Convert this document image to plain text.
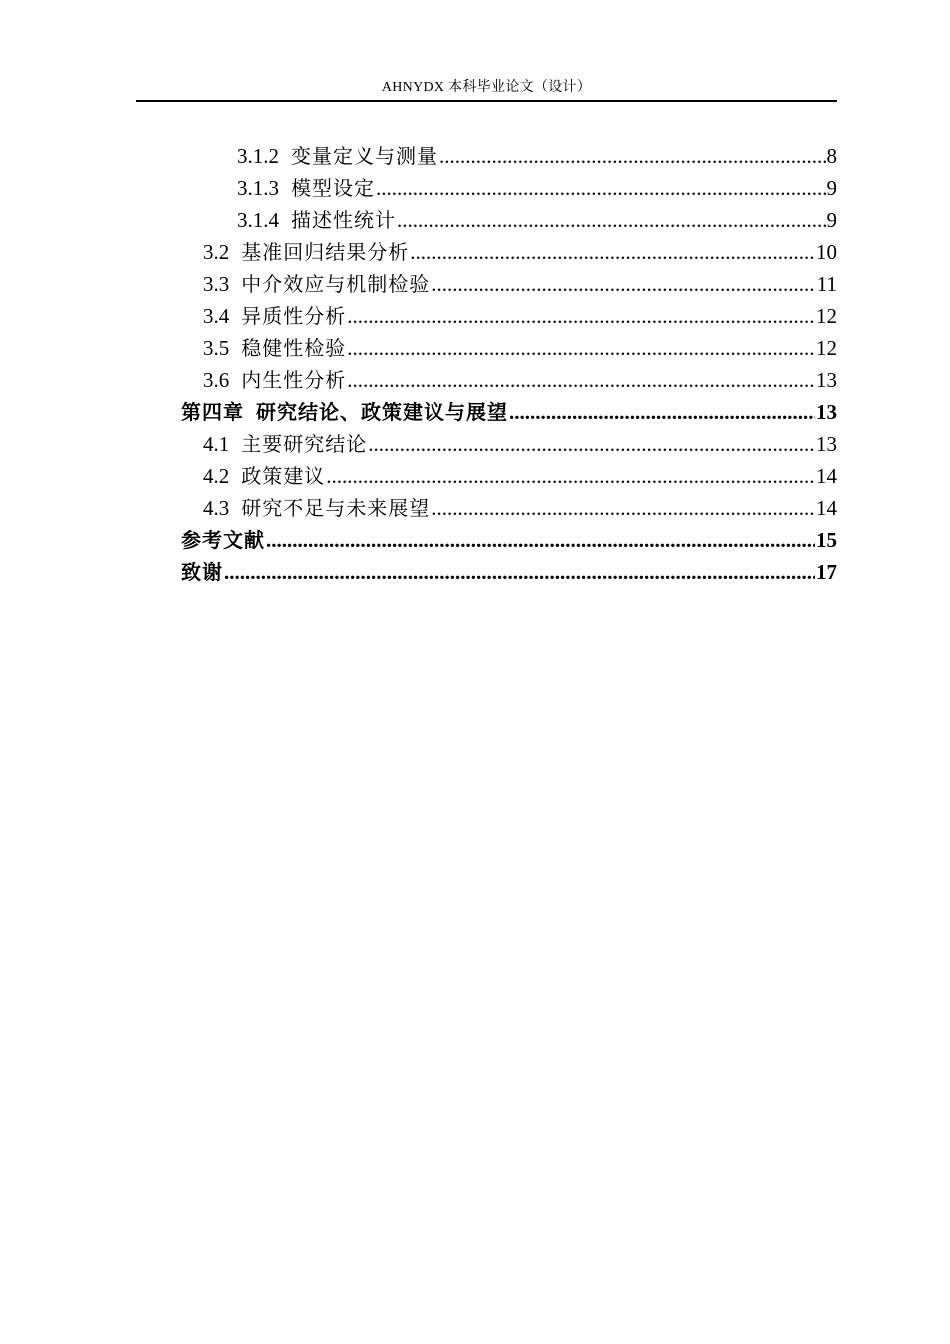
AHNYDX 本科毕业论文（设计）
3.1.2 变量定义与测量 .....	8
3.1.3 模型设定 .....	9
3.1.4 描述性统计 .....	9
3.2 基准回归结果分析 .....	10
3.3 中介效应与机制检验 .....	11
3.4 异质性分析 .....	12
3.5 稳健性检验 .....	12
3.6 内生性分析 .....	13
第四章 研究结论、政策建议与展望 .....	13
4.1 主要研究结论 .....	13
4.2 政策建议 .....	14
4.3 研究不足与未来展望 .....	14
参考文献 .....	15
致谢 .....	17
